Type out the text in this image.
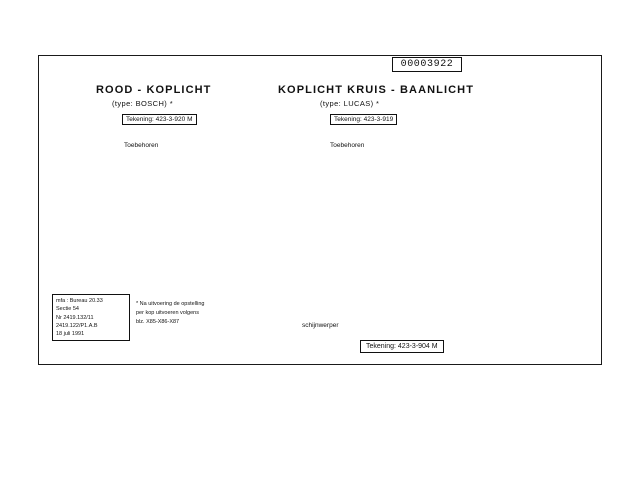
00003922
ROOD - KOPLICHT
(type: BOSCH) *
KOPLICHT KRUIS - BAANLICHT
(type: LUCAS) *
Tekening: 423-3-920 M	Tekening: 423-3-919
Tekening: 423-3-904 M
Toebehoren	Toebehoren
schijnwerper
mfa : Bureau 20.33
Sectie 54
Nr 2419.132/11
2419.122/P1.A.B
18 juli 1991
* Na uitvoering de opstelling
per kop uitvoeren volgens
blz. X85-X86-X87
